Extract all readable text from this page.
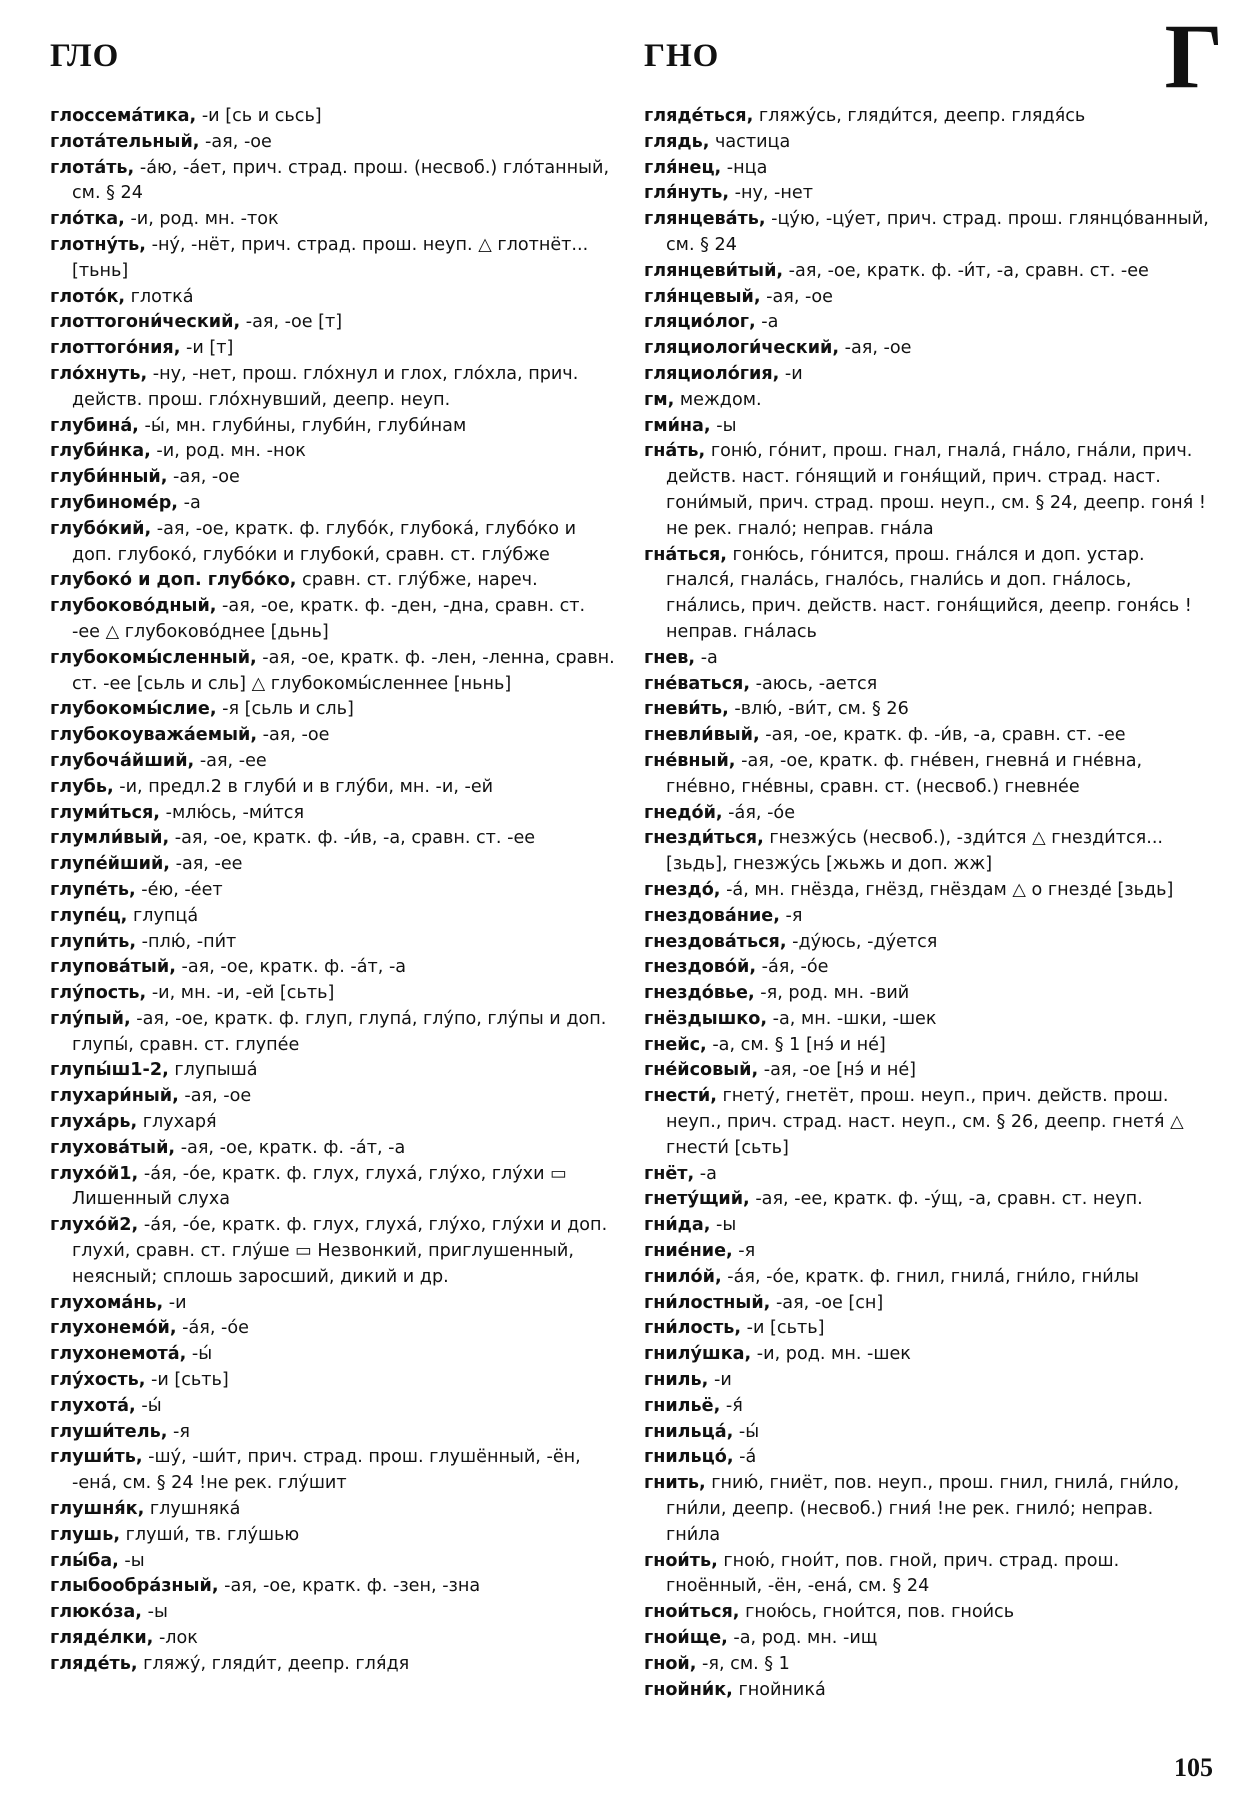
ГЛО	ГНО	Г
глоссема́тика, -и [сь и сьсь]
глота́тельный, -ая, -ое
глота́ть, -а́ю, -а́ет, прич. страд. прош. (несвоб.) гло́танный, см. § 24
гло́тка, -и, род. мн. -ток
глотну́ть, -ну́, -нёт, прич. страд. прош. неуп. △ глотнёт... [тьнь]
глото́к, глотка́
глоттогони́ческий, -ая, -ое [т]
глоттого́ния, -и [т]
гло́хнуть, -ну, -нет, прош. гло́хнул и глох, гло́хла, прич. действ. прош. гло́хнувший, деепр. неуп.
глубина́, -ы́, мн. глуби́ны, глуби́н, глуби́нам
глуби́нка, -и, род. мн. -нок
глуби́нный, -ая, -ое
глубиноме́р, -а
глубо́кий, -ая, -ое, кратк. ф. глубо́к, глубока́, глубо́ко и доп. глубоко́, глубо́ки и глубоки́, сравн. ст. глу́бже
глубоко́ и доп. глубо́ко, сравн. ст. глу́бже, нареч.
глубоково́дный, -ая, -ое, кратк. ф. -ден, -дна, сравн. ст. -ее △ глубоково́днее [дьнь]
глубокомы́сленный, -ая, -ое, кратк. ф. -лен, -ленна, сравн. ст. -ее [сьль и сль] △ глубокомы́сленнее [ньнь]
глубокомы́слие, -я [сьль и сль]
глубокоуважа́емый, -ая, -ое
глубоча́йший, -ая, -ее
глубь, -и, предл.2 в глуби́ и в глу́би, мн. -и, -ей
глуми́ться, -млю́сь, -ми́тся
глумли́вый, -ая, -ое, кратк. ф. -и́в, -а, сравн. ст. -ее
глупе́йший, -ая, -ее
глупе́ть, -е́ю, -е́ет
глупе́ц, глупца́
глупи́ть, -плю́, -пи́т
глупова́тый, -ая, -ое, кратк. ф. -а́т, -а
глу́пость, -и, мн. -и, -ей [сьть]
глу́пый, -ая, -ое, кратк. ф. глуп, глупа́, глу́по, глу́пы и доп. глупы́, сравн. ст. глупе́е
глупы́ш1-2, глупыша́
глухари́ный, -ая, -ое
глуха́рь, глухаря́
глухова́тый, -ая, -ое, кратк. ф. -а́т, -а
глухо́й1, -а́я, -о́е, кратк. ф. глух, глуха́, глу́хо, глу́хи ▭ Лишенный слуха
глухо́й2, -а́я, -о́е, кратк. ф. глух, глуха́, глу́хо, глу́хи и доп. глухи́, сравн. ст. глу́ше ▭ Незвонкий, приглушенный, неясный; сплошь заросший, дикий и др.
глухома́нь, -и
глухонемо́й, -а́я, -о́е
глухонемота́, -ы́
глу́хость, -и [сьть]
глухота́, -ы́
глуши́тель, -я
глуши́ть, -шу́, -ши́т, прич. страд. прош. глушённый, -ён, -ена́, см. § 24 !не рек. глу́шит
глушня́к, глушняка́
глушь, глуши́, тв. глу́шью
глы́ба, -ы
глыбообра́зный, -ая, -ое, кратк. ф. -зен, -зна
глюко́за, -ы
гляде́лки, -лок
гляде́ть, гляжу́, гляди́т, деепр. гля́дя
гляде́ться, гляжу́сь, гляди́тся, деепр. глядя́сь
глядь, частица
гля́нец, -нца
гля́нуть, -ну, -нет
глянцева́ть, -цу́ю, -цу́ет, прич. страд. прош. глянцо́ванный, см. § 24
глянцеви́тый, -ая, -ое, кратк. ф. -и́т, -а, сравн. ст. -ее
гля́нцевый, -ая, -ое
гляцио́лог, -а
гляциологи́ческий, -ая, -ое
гляциоло́гия, -и
гм, междом.
гми́на, -ы
гна́ть, гоню́, го́нит, прош. гнал, гнала́, гна́ло, гна́ли, прич. действ. наст. го́нящий и гоня́щий, прич. страд. наст. гони́мый, прич. страд. прош. неуп., см. § 24, деепр. гоня́ !не рек. гнало́; неправ. гна́ла
гна́ться, гоню́сь, го́нится, прош. гна́лся и доп. устар. гнался́, гнала́сь, гнало́сь, гнали́сь и доп. гна́лось, гна́лись, прич. действ. наст. гоня́щийся, деепр. гоня́сь !неправ. гна́лась
гнев, -а
гне́ваться, -аюсь, -ается
гневи́ть, -влю́, -ви́т, см. § 26
гневли́вый, -ая, -ое, кратк. ф. -и́в, -а, сравн. ст. -ее
гне́вный, -ая, -ое, кратк. ф. гне́вен, гневна́ и гне́вна, гне́вно, гне́вны, сравн. ст. (несвоб.) гневне́е
гнедо́й, -а́я, -о́е
гнезди́ться, гнезжу́сь (несвоб.), -зди́тся △ гнезди́тся... [зьдь], гнезжу́сь [жьжь и доп. жж]
гнездо́, -а́, мн. гнёзда, гнёзд, гнёздам △ о гнезде́ [зьдь]
гнездова́ние, -я
гнездова́ться, -ду́юсь, -ду́ется
гнездово́й, -а́я, -о́е
гнездо́вье, -я, род. мн. -вий
гнёздышко, -а, мн. -шки, -шек
гнейс, -а, см. § 1 [нэ́ и не́]
гне́йсовый, -ая, -ое [нэ́ и не́]
гнести́, гнету́, гнетёт, прош. неуп., прич. действ. прош. неуп., прич. страд. наст. неуп., см. § 26, деепр. гнетя́ △ гнести́ [сьть]
гнёт, -а
гнету́щий, -ая, -ее, кратк. ф. -у́щ, -а, сравн. ст. неуп.
гни́да, -ы
гние́ние, -я
гнило́й, -а́я, -о́е, кратк. ф. гнил, гнила́, гни́ло, гни́лы
гни́лостный, -ая, -ое [сн]
гни́лость, -и [сьть]
гнилу́шка, -и, род. мн. -шек
гниль, -и
гнильё, -я́
гнильца́, -ы́
гнильцо́, -а́
гнить, гнию́, гниёт, пов. неуп., прош. гнил, гнила́, гни́ло, гни́ли, деепр. (несвоб.) гния́ !не рек. гнило́; неправ. гни́ла
гнои́ть, гною́, гнои́т, пов. гной, прич. страд. прош. гноённый, -ён, -ена́, см. § 24
гнои́ться, гною́сь, гнои́тся, пов. гнои́сь
гнои́ще, -а, род. мн. -ищ
гной, -я, см. § 1
гнойни́к, гнойника́
105
